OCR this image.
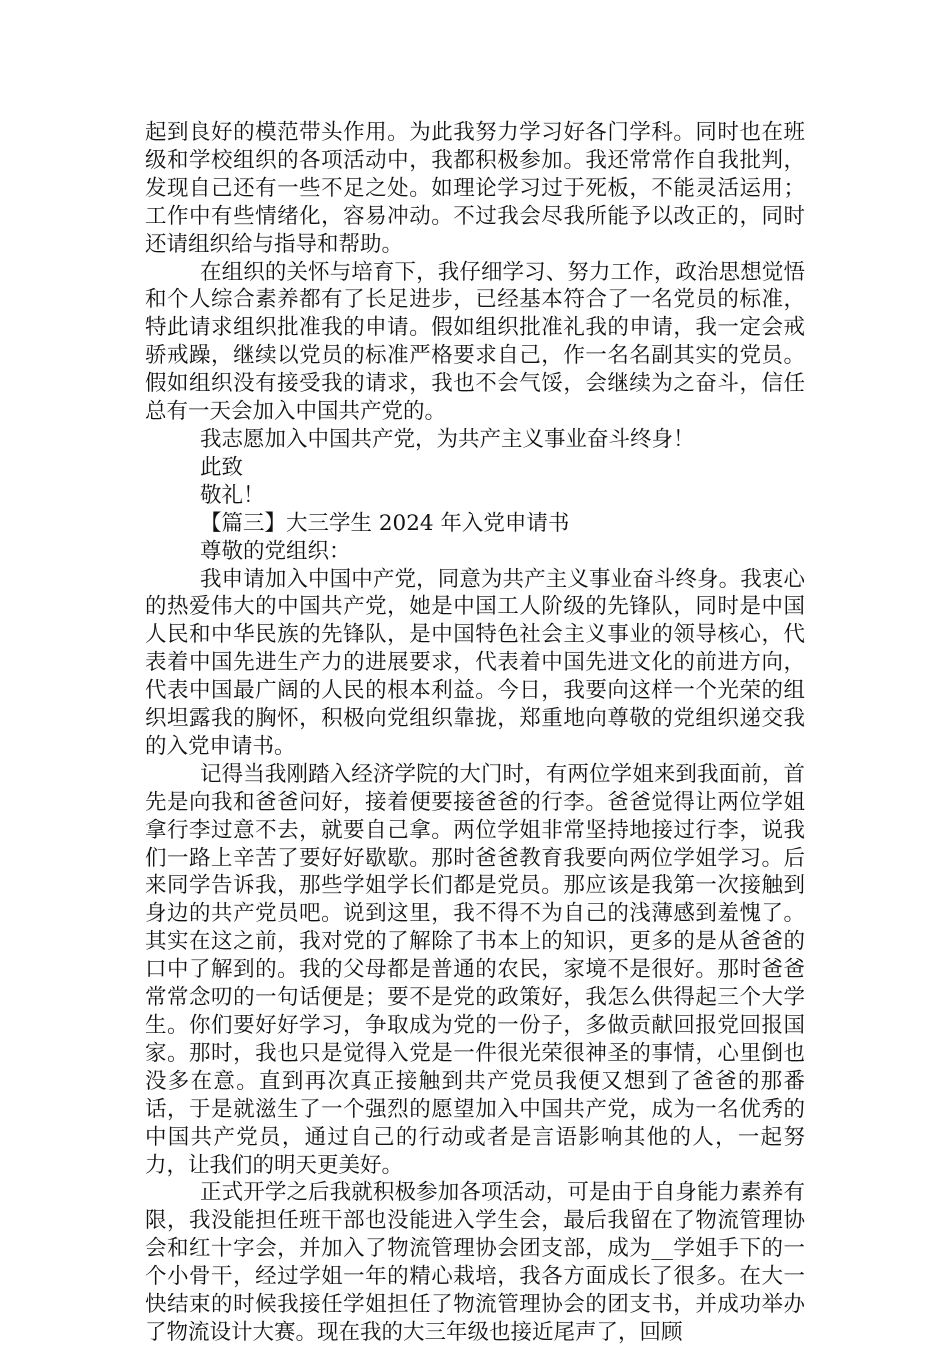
起到良好的模范带头作用。为此我努力学习好各门学科。同时也在班级和学校组织的各项活动中，我都积极参加。我还常常作自我批判，发现自己还有一些不足之处。如理论学习过于死板，不能灵活运用；工作中有些情绪化，容易冲动。不过我会尽我所能予以改正的，同时还请组织给与指导和帮助。

在组织的关怀与培育下，我仔细学习、努力工作，政治思想觉悟和个人综合素养都有了长足进步，已经基本符合了一名党员的标准，特此请求组织批准我的申请。假如组织批准礼我的申请，我一定会戒骄戒躁，继续以党员的标准严格要求自己，作一名名副其实的党员。假如组织没有接受我的请求，我也不会气馁，会继续为之奋斗，信任总有一天会加入中国共产党的。

我志愿加入中国共产党，为共产主义事业奋斗终身！

此致

敬礼！

【篇三】大三学生 2024 年入党申请书

尊敬的党组织：

我申请加入中国中产党，同意为共产主义事业奋斗终身。我衷心的热爱伟大的中国共产党，她是中国工人阶级的先锋队，同时是中国人民和中华民族的先锋队，是中国特色社会主义事业的领导核心，代表着中国先进生产力的进展要求，代表着中国先进文化的前进方向，代表中国最广阔的人民的根本利益。今日，我要向这样一个光荣的组织坦露我的胸怀，积极向党组织靠拢，郑重地向尊敬的党组织递交我的入党申请书。

记得当我刚踏入经济学院的大门时，有两位学姐来到我面前，首先是向我和爸爸问好，接着便要接爸爸的行李。爸爸觉得让两位学姐拿行李过意不去，就要自己拿。两位学姐非常坚持地接过行李，说我们一路上辛苦了要好好歇歇。那时爸爸教育我要向两位学姐学习。后来同学告诉我，那些学姐学长们都是党员。那应该是我第一次接触到身边的共产党员吧。说到这里，我不得不为自己的浅薄感到羞愧了。其实在这之前，我对党的了解除了书本上的知识，更多的是从爸爸的口中了解到的。我的父母都是普通的农民，家境不是很好。那时爸爸常常念叨的一句话便是；要不是党的政策好，我怎么供得起三个大学生。你们要好好学习，争取成为党的一份子，多做贡献回报党回报国家。那时，我也只是觉得入党是一件很光荣很神圣的事情，心里倒也没多在意。直到再次真正接触到共产党员我便又想到了爸爸的那番话，于是就滋生了一个强烈的愿望加入中国共产党，成为一名优秀的中国共产党员，通过自己的行动或者是言语影响其他的人，一起努力，让我们的明天更美好。

正式开学之后我就积极参加各项活动，可是由于自身能力素养有限，我没能担任班干部也没能进入学生会，最后我留在了物流管理协会和红十字会，并加入了物流管理协会团支部，成为__学姐手下的一个小骨干，经过学姐一年的精心栽培，我各方面成长了很多。在大一快结束的时候我接任学姐担任了物流管理协会的团支书，并成功举办了物流设计大赛。现在我的大三年级也接近尾声了，回顾
